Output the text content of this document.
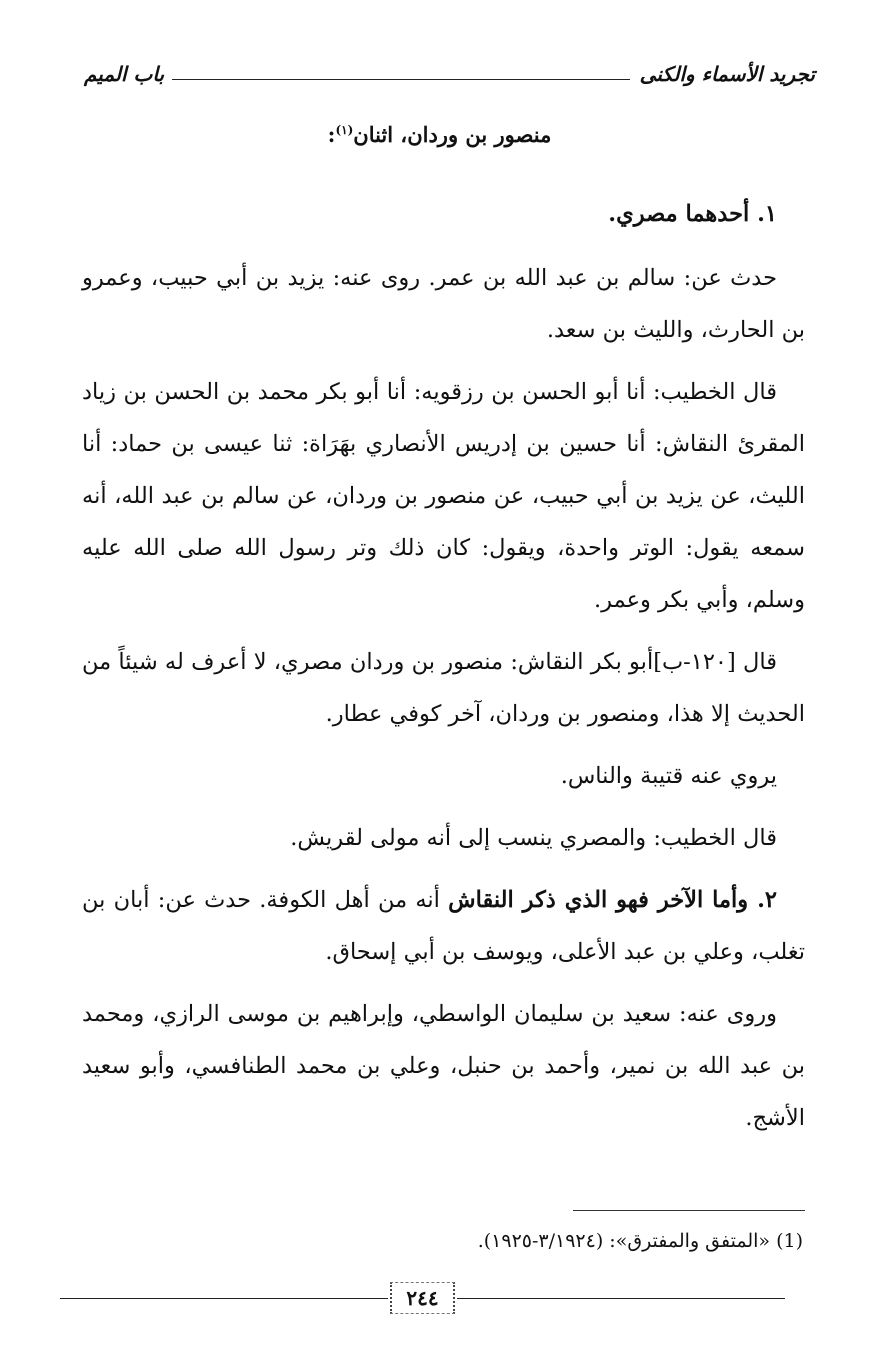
تجريد الأسماء والكنى
باب الميم
منصور بن وردان، اثنان$^{(١)}$:

١. أحدهما مصري.

حدث عن: سالم بن عبد الله بن عمر. روى عنه: يزيد بن أبي حبيب، وعمرو بن الحارث، والليث بن سعد.

قال الخطيب: أنا أبو الحسن بن رزقويه: أنا أبو بكر محمد بن الحسن بن زياد المقرئ النقاش: أنا حسين بن إدريس الأنصاري بهَرَاة: ثنا عيسى بن حماد: أنا الليث، عن يزيد بن أبي حبيب، عن منصور بن وردان، عن سالم بن عبد الله، أنه سمعه يقول: الوتر واحدة، ويقول: كان ذلك وتر رسول الله صلى الله عليه وسلم، وأبي بكر وعمر.

قال [١٢٠-ب]أبو بكر النقاش: منصور بن وردان مصري، لا أعرف له شيئاً من الحديث إلا هذا، ومنصور بن وردان، آخر كوفي عطار.

يروي عنه قتيبة والناس.

قال الخطيب: والمصري ينسب إلى أنه مولى لقريش.

٢. وأما الآخر فهو الذي ذكر النقاش أنه من أهل الكوفة. حدث عن: أبان بن تغلب، وعلي بن عبد الأعلى، ويوسف بن أبي إسحاق.

وروى عنه: سعيد بن سليمان الواسطي، وإبراهيم بن موسى الرازي، ومحمد بن عبد الله بن نمير، وأحمد بن حنبل، وعلي بن محمد الطنافسي، وأبو سعيد الأشج.

(1) «المتفق والمفترق»: (٣/١٩٢٤-١٩٢٥).
٢٤٤
